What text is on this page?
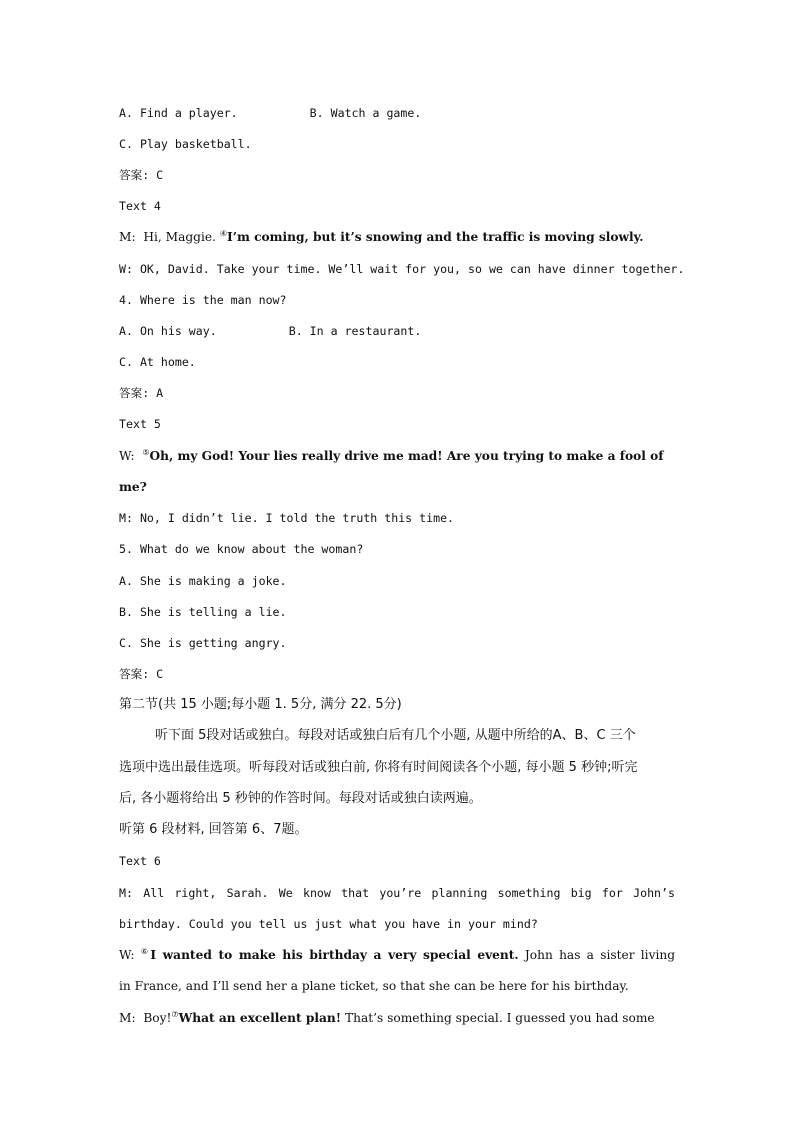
A. Find a player.	B. Watch a game.
C. Play basketball.
答案: C
Text 4
M: Hi, Maggie. ④I’m coming, but it’s snowing and the traffic is moving slowly.
W: OK, David. Take your time. We’ll wait for you, so we can have dinner together.
4. Where is the man now?
A. On his way.	B. In a restaurant.
C. At home.
答案: A
Text 5
W: ⑤Oh, my God! Your lies really drive me mad! Are you trying to make a fool of
me?
M: No, I didn’t lie. I told the truth this time.
5. What do we know about the woman?
A. She is making a joke.
B. She is telling a lie.
C. She is getting angry.
答案: C
第二节(共 15 小题;每小题 1. 5分, 满分 22. 5分)
听下面 5段对话或独白。每段对话或独白后有几个小题, 从题中所给的A、B、C 三个
选项中选出最佳选项。听每段对话或独白前, 你将有时间阅读各个小题, 每小题 5 秒钟;听完
后, 各小题将给出 5 秒钟的作答时间。每段对话或独白读两遍。
听第 6 段材料, 回答第 6、7题。
Text 6
M: All right, Sarah. We know that you’re planning something big for John’s
birthday. Could you tell us just what you have in your mind?
W: ⑥I wanted to make his birthday a very special event. John has a sister living
in France, and I’ll send her a plane ticket, so that she can be here for his birthday.
M: Boy!⑦What an excellent plan! That’s something special. I guessed you had some
